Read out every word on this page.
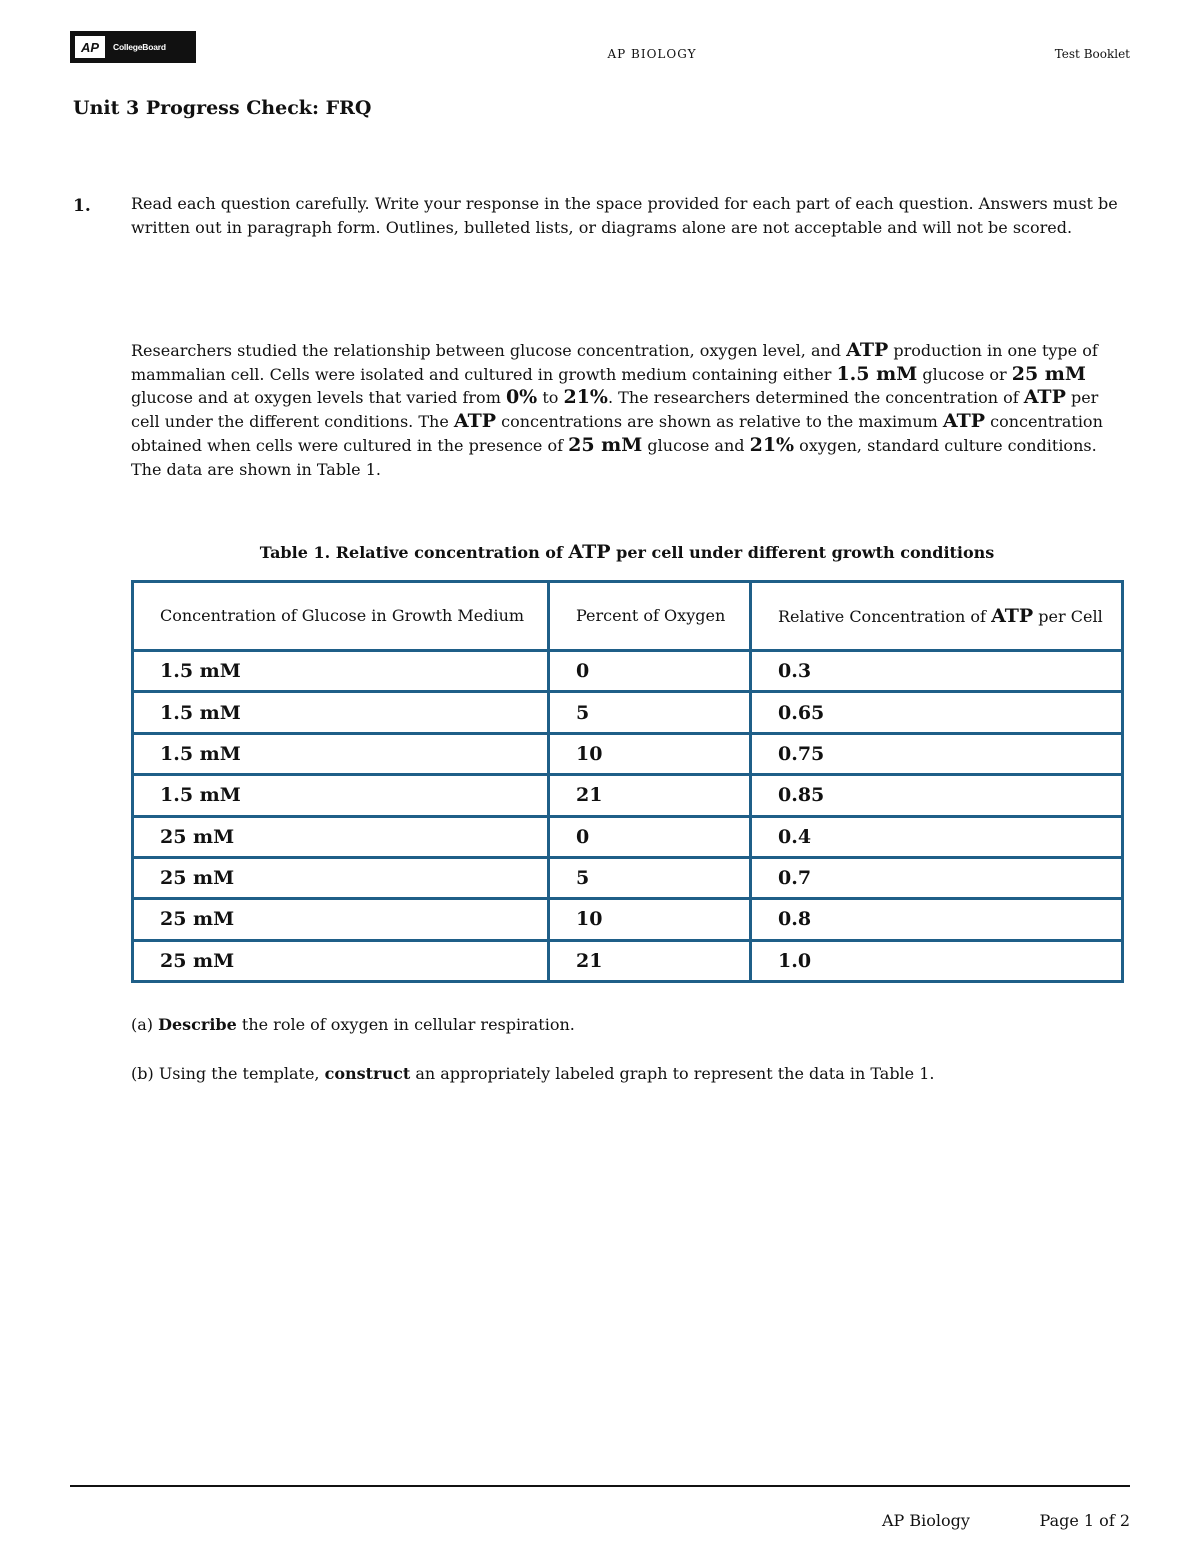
AP	CollegeBoard	AP BIOLOGY	Test Booklet
Unit 3 Progress Check: FRQ
1.	Read each question carefully. Write your response in the space provided for each part of each question. Answers must be written out in paragraph form. Outlines, bulleted lists, or diagrams alone are not acceptable and will not be scored.
Researchers studied the relationship between glucose concentration, oxygen level, and ATP production in one type of mammalian cell. Cells were isolated and cultured in growth medium containing either 1.5 mM glucose or 25 mM glucose and at oxygen levels that varied from 0% to 21%. The researchers determined the concentration of ATP per cell under the different conditions. The ATP concentrations are shown as relative to the maximum ATP concentration obtained when cells were cultured in the presence of 25 mM glucose and 21% oxygen, standard culture conditions. The data are shown in Table 1.
Table 1. Relative concentration of ATP per cell under different growth conditions
Concentration of Glucose in Growth Medium	Percent of Oxygen	Relative Concentration of ATP per Cell
1.5 mM	0	0.3
1.5 mM	5	0.65
1.5 mM	10	0.75
1.5 mM	21	0.85
25 mM	0	0.4
25 mM	5	0.7
25 mM	10	0.8
25 mM	21	1.0
(a) Describe the role of oxygen in cellular respiration.
(b) Using the template, construct an appropriately labeled graph to represent the data in Table 1.
AP Biology	Page 1 of 2
